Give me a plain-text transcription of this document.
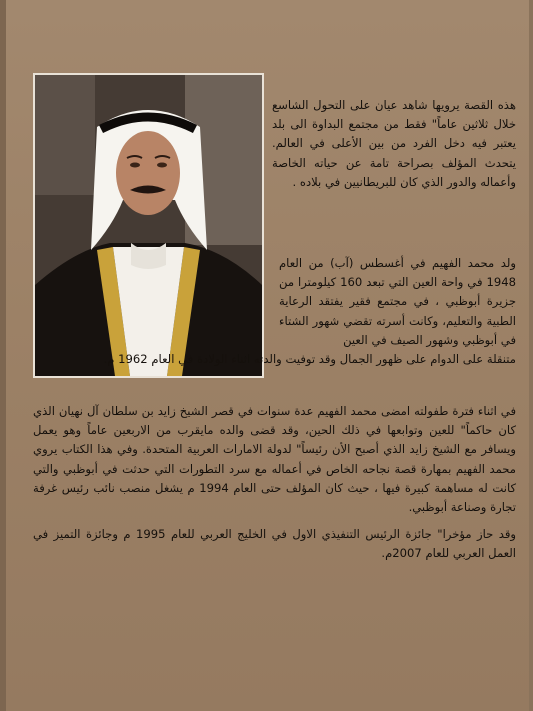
هذه القصة يرويها شاهد عيان على التحول الشاسع خلال ثلاثين عاماً" فقط من مجتمع البداوة الى بلد يعتبر فيه دخل الفرد من بين الأعلى في العالم. يتحدث المؤلف بصراحة تامة عن حياته الخاصة وأعماله والدور الذي كان للبريطانيين في بلاده .

ولد محمد الفهيم في أغسطس (آب) من العام 1948 في واحة العين التي تبعد 160 كيلومترا من جزيرة أبوظبي ، في مجتمع فقير يفتقد الرعاية الطبية والتعليم، وكانت أسرته تقضي شهور الشتاء في أبوظبي وشهور الصيف في العين

متنقلة على الدوام على ظهور الجمال وقد توفيت والدته اثناء الولادة في العام 1962 م.

في اثناء فترة طفولته امضى محمد الفهيم عدة سنوات في قصر الشيخ زايد بن سلطان آل نهيان الذي كان حاكماً" للعين وتوابعها في ذلك الحين، وقد قضى والده مايقرب من الاربعين عاماً وهو يعمل ويسافر مع الشيخ زايد الذي أصبح الأن رئيساً" لدولة الامارات العربية المتحدة. وفي هذا الكتاب يروي محمد الفهيم بمهارة قصة نجاحه الخاص في أعماله مع سرد التطورات التي حدثت في أبوظبي والتي كانت له مساهمة كبيرة فيها ، حيث كان المؤلف حتى العام 1994 م يشغل منصب نائب رئيس غرفة تجارة وصناعة أبوظبي.

وقد حاز مؤخرا" جائزة الرئيس التنفيذي الاول في الخليج العربي للعام 1995 م وجائزة التميز في العمل العربي للعام 2007م.
